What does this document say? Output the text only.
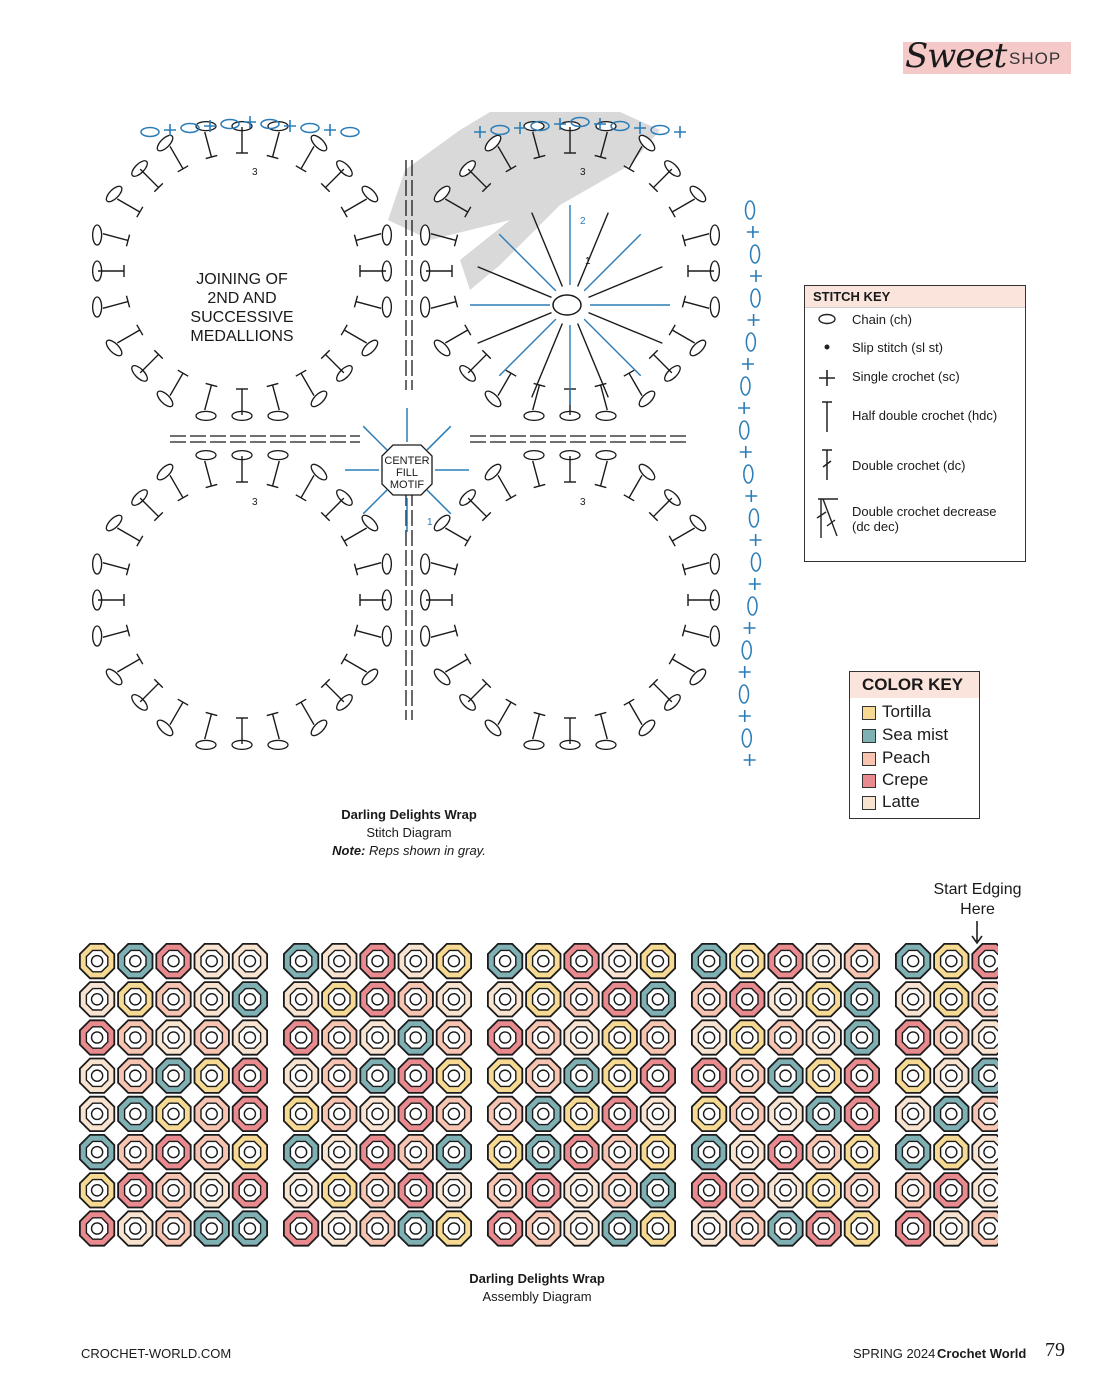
Sweet SHOP
JOINING OF
2ND AND
SUCCESSIVE
MEDALLIONS
CENTER
FILL
MOTIF
3	3
2
1
3	3
1
Darling Delights Wrap
Stitch Diagram
Note: Reps shown in gray.
STITCH KEY
Chain (ch)
Slip stitch (sl st)
Single crochet (sc)
Half double crochet (hdc)
Double crochet (dc)
Double crochet decrease (dc dec)
COLOR KEY
Tortilla
Sea mist
Peach
Crepe
Latte
Start Edging
Here
Darling Delights Wrap
Assembly Diagram
CROCHET-WORLD.COM	SPRING 2024 Crochet World 79
